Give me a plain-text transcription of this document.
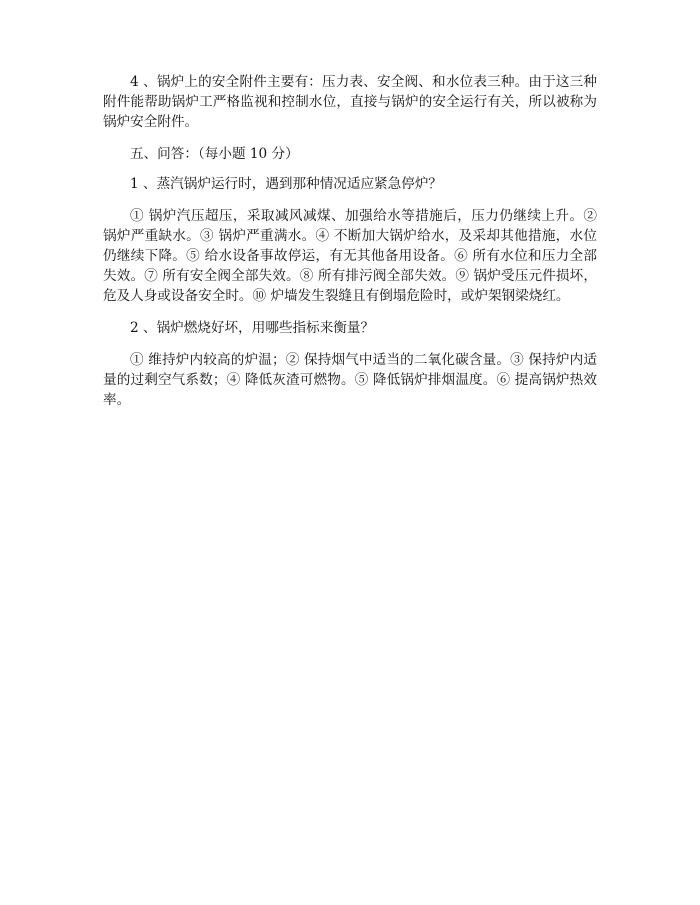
4 、锅炉上的安全附件主要有：压力表、安全阀、和水位表三种。由于这三种附件能帮助锅炉工严格监视和控制水位，直接与锅炉的安全运行有关，所以被称为锅炉安全附件。

五、问答：（每小题 10 分）

1 、蒸汽锅炉运行时，遇到那种情况适应紧急停炉？

① 锅炉汽压超压，采取减风减煤、加强给水等措施后，压力仍继续上升。② 锅炉严重缺水。③ 锅炉严重满水。④ 不断加大锅炉给水，及采却其他措施，水位仍继续下降。⑤ 给水设备事故停运，有无其他备用设备。⑥ 所有水位和压力全部失效。⑦ 所有安全阀全部失效。⑧ 所有排污阀全部失效。⑨ 锅炉受压元件损坏，危及人身或设备安全时。⑩ 炉墙发生裂缝且有倒塌危险时，或炉架钢梁烧红。

2 、锅炉燃烧好坏，用哪些指标来衡量？

① 维持炉内较高的炉温；② 保持烟气中适当的二氧化碳含量。③ 保持炉内适量的过剩空气系数；④ 降低灰渣可燃物。⑤ 降低锅炉排烟温度。⑥ 提高锅炉热效率。
